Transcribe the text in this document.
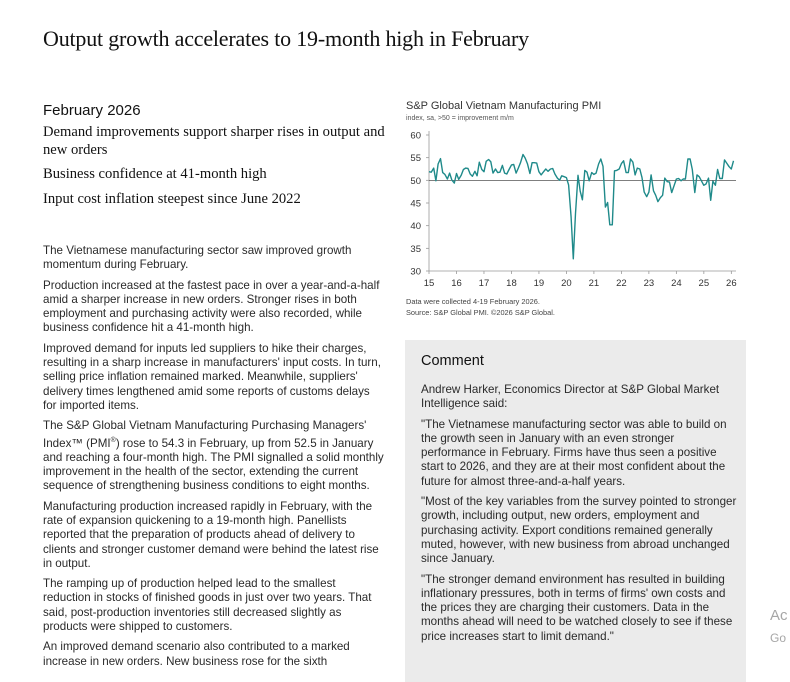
Output growth accelerates to 19-month high in February
February 2026
Demand improvements support sharper rises in output and new orders
Business confidence at 41-month high
Input cost inflation steepest since June 2022

The Vietnamese manufacturing sector saw improved growth momentum during February.

Production increased at the fastest pace in over a year-and-a-half amid a sharper increase in new orders. Stronger rises in both employment and purchasing activity were also recorded, while business confidence hit a 41-month high.

Improved demand for inputs led suppliers to hike their charges, resulting in a sharp increase in manufacturers' input costs. In turn, selling price inflation remained marked. Meanwhile, suppliers' delivery times lengthened amid some reports of customs delays for imported items.

The S&P Global Vietnam Manufacturing Purchasing Managers' Index™ (PMI®) rose to 54.3 in February, up from 52.5 in January and reaching a four-month high. The PMI signalled a solid monthly improvement in the health of the sector, extending the current sequence of strengthening business conditions to eight months.

Manufacturing production increased rapidly in February, with the rate of expansion quickening to a 19-month high. Panellists reported that the preparation of products ahead of delivery to clients and stronger customer demand were behind the latest rise in output.

The ramping up of production helped lead to the smallest reduction in stocks of finished goods in just over two years. That said, post-production inventories still decreased slightly as products were shipped to customers.

An improved demand scenario also contributed to a marked increase in new orders. New business rose for the sixth

S&P Global Vietnam Manufacturing PMI
index, sa, >50 = improvement m/m
30
35
40
45
50
55
60
15 16 17 18 19 20 21 22 23 24 25 26
Data were collected 4-19 February 2026.
Source: S&P Global PMI. ©2026 S&P Global.
Comment

Andrew Harker, Economics Director at S&P Global Market Intelligence said:

"The Vietnamese manufacturing sector was able to build on the growth seen in January with an even stronger performance in February. Firms have thus seen a positive start to 2026, and they are at their most confident about the future for almost three-and-a-half years.

"Most of the key variables from the survey pointed to stronger growth, including output, new orders, employment and purchasing activity. Export conditions remained generally muted, however, with new business from abroad unchanged since January.

"The stronger demand environment has resulted in building inflationary pressures, both in terms of firms' own costs and the prices they are charging their customers. Data in the months ahead will need to be watched closely to see if these price increases start to limit demand."

Ac
Go
